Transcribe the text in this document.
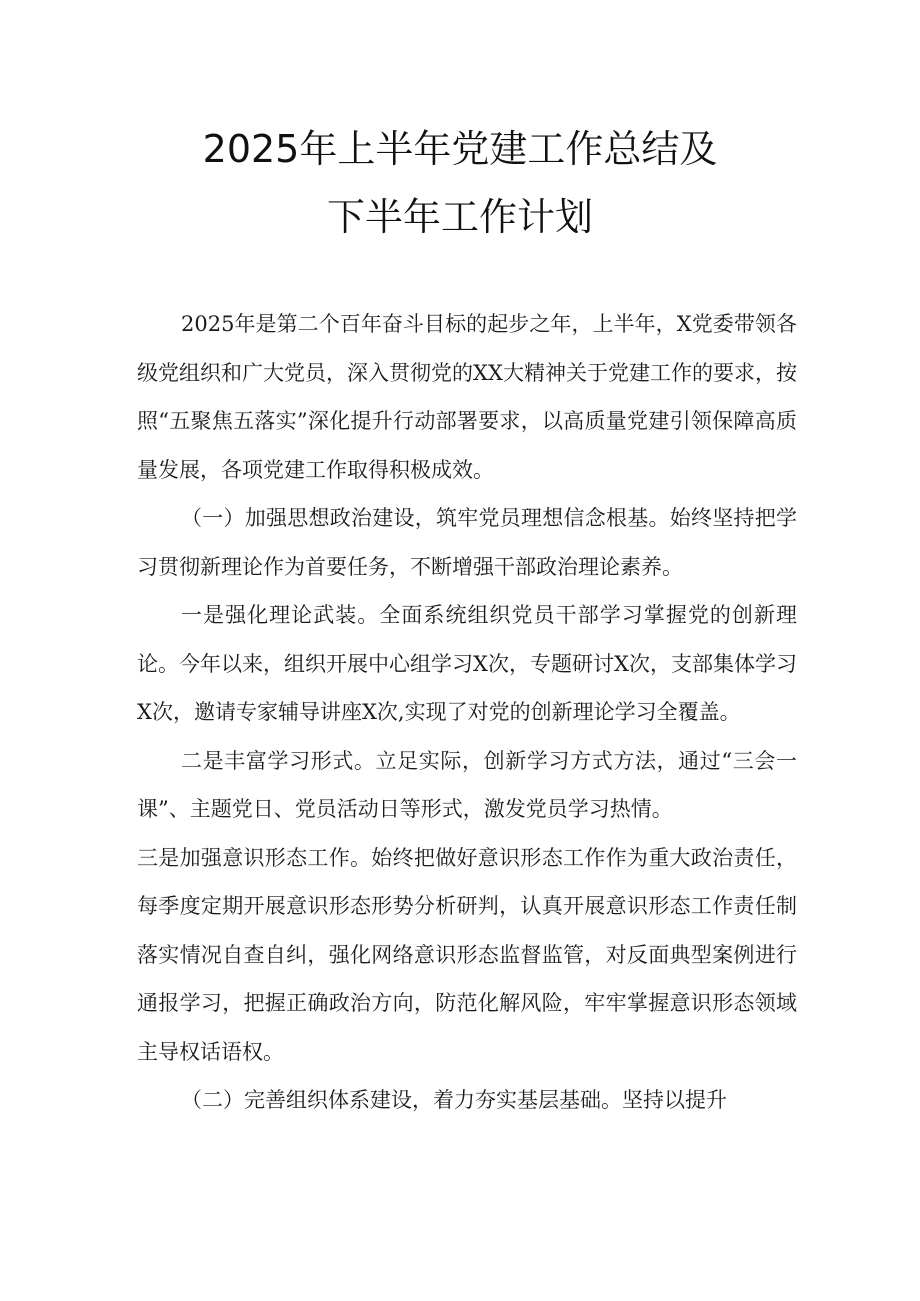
2025年上半年党建工作总结及
下半年工作计划

2025年是第二个百年奋斗目标的起步之年，上半年，X党委带领各级党组织和广大党员，深入贯彻党的XX大精神关于党建工作的要求，按照“五聚焦五落实”深化提升行动部署要求，以高质量党建引领保障高质量发展，各项党建工作取得积极成效。

（一）加强思想政治建设，筑牢党员理想信念根基。始终坚持把学习贯彻新理论作为首要任务，不断增强干部政治理论素养。

一是强化理论武装。全面系统组织党员干部学习掌握党的创新理论。今年以来，组织开展中心组学习X次，专题研讨X次，支部集体学习X次，邀请专家辅导讲座X次,实现了对党的创新理论学习全覆盖。

二是丰富学习形式。立足实际，创新学习方式方法，通过“三会一课”、主题党日、党员活动日等形式，激发党员学习热情。

三是加强意识形态工作。始终把做好意识形态工作作为重大政治责任，每季度定期开展意识形态形势分析研判，认真开展意识形态工作责任制落实情况自查自纠，强化网络意识形态监督监管，对反面典型案例进行通报学习，把握正确政治方向，防范化解风险，牢牢掌握意识形态领域主导权话语权。

（二）完善组织体系建设，着力夯实基层基础。坚持以提升
